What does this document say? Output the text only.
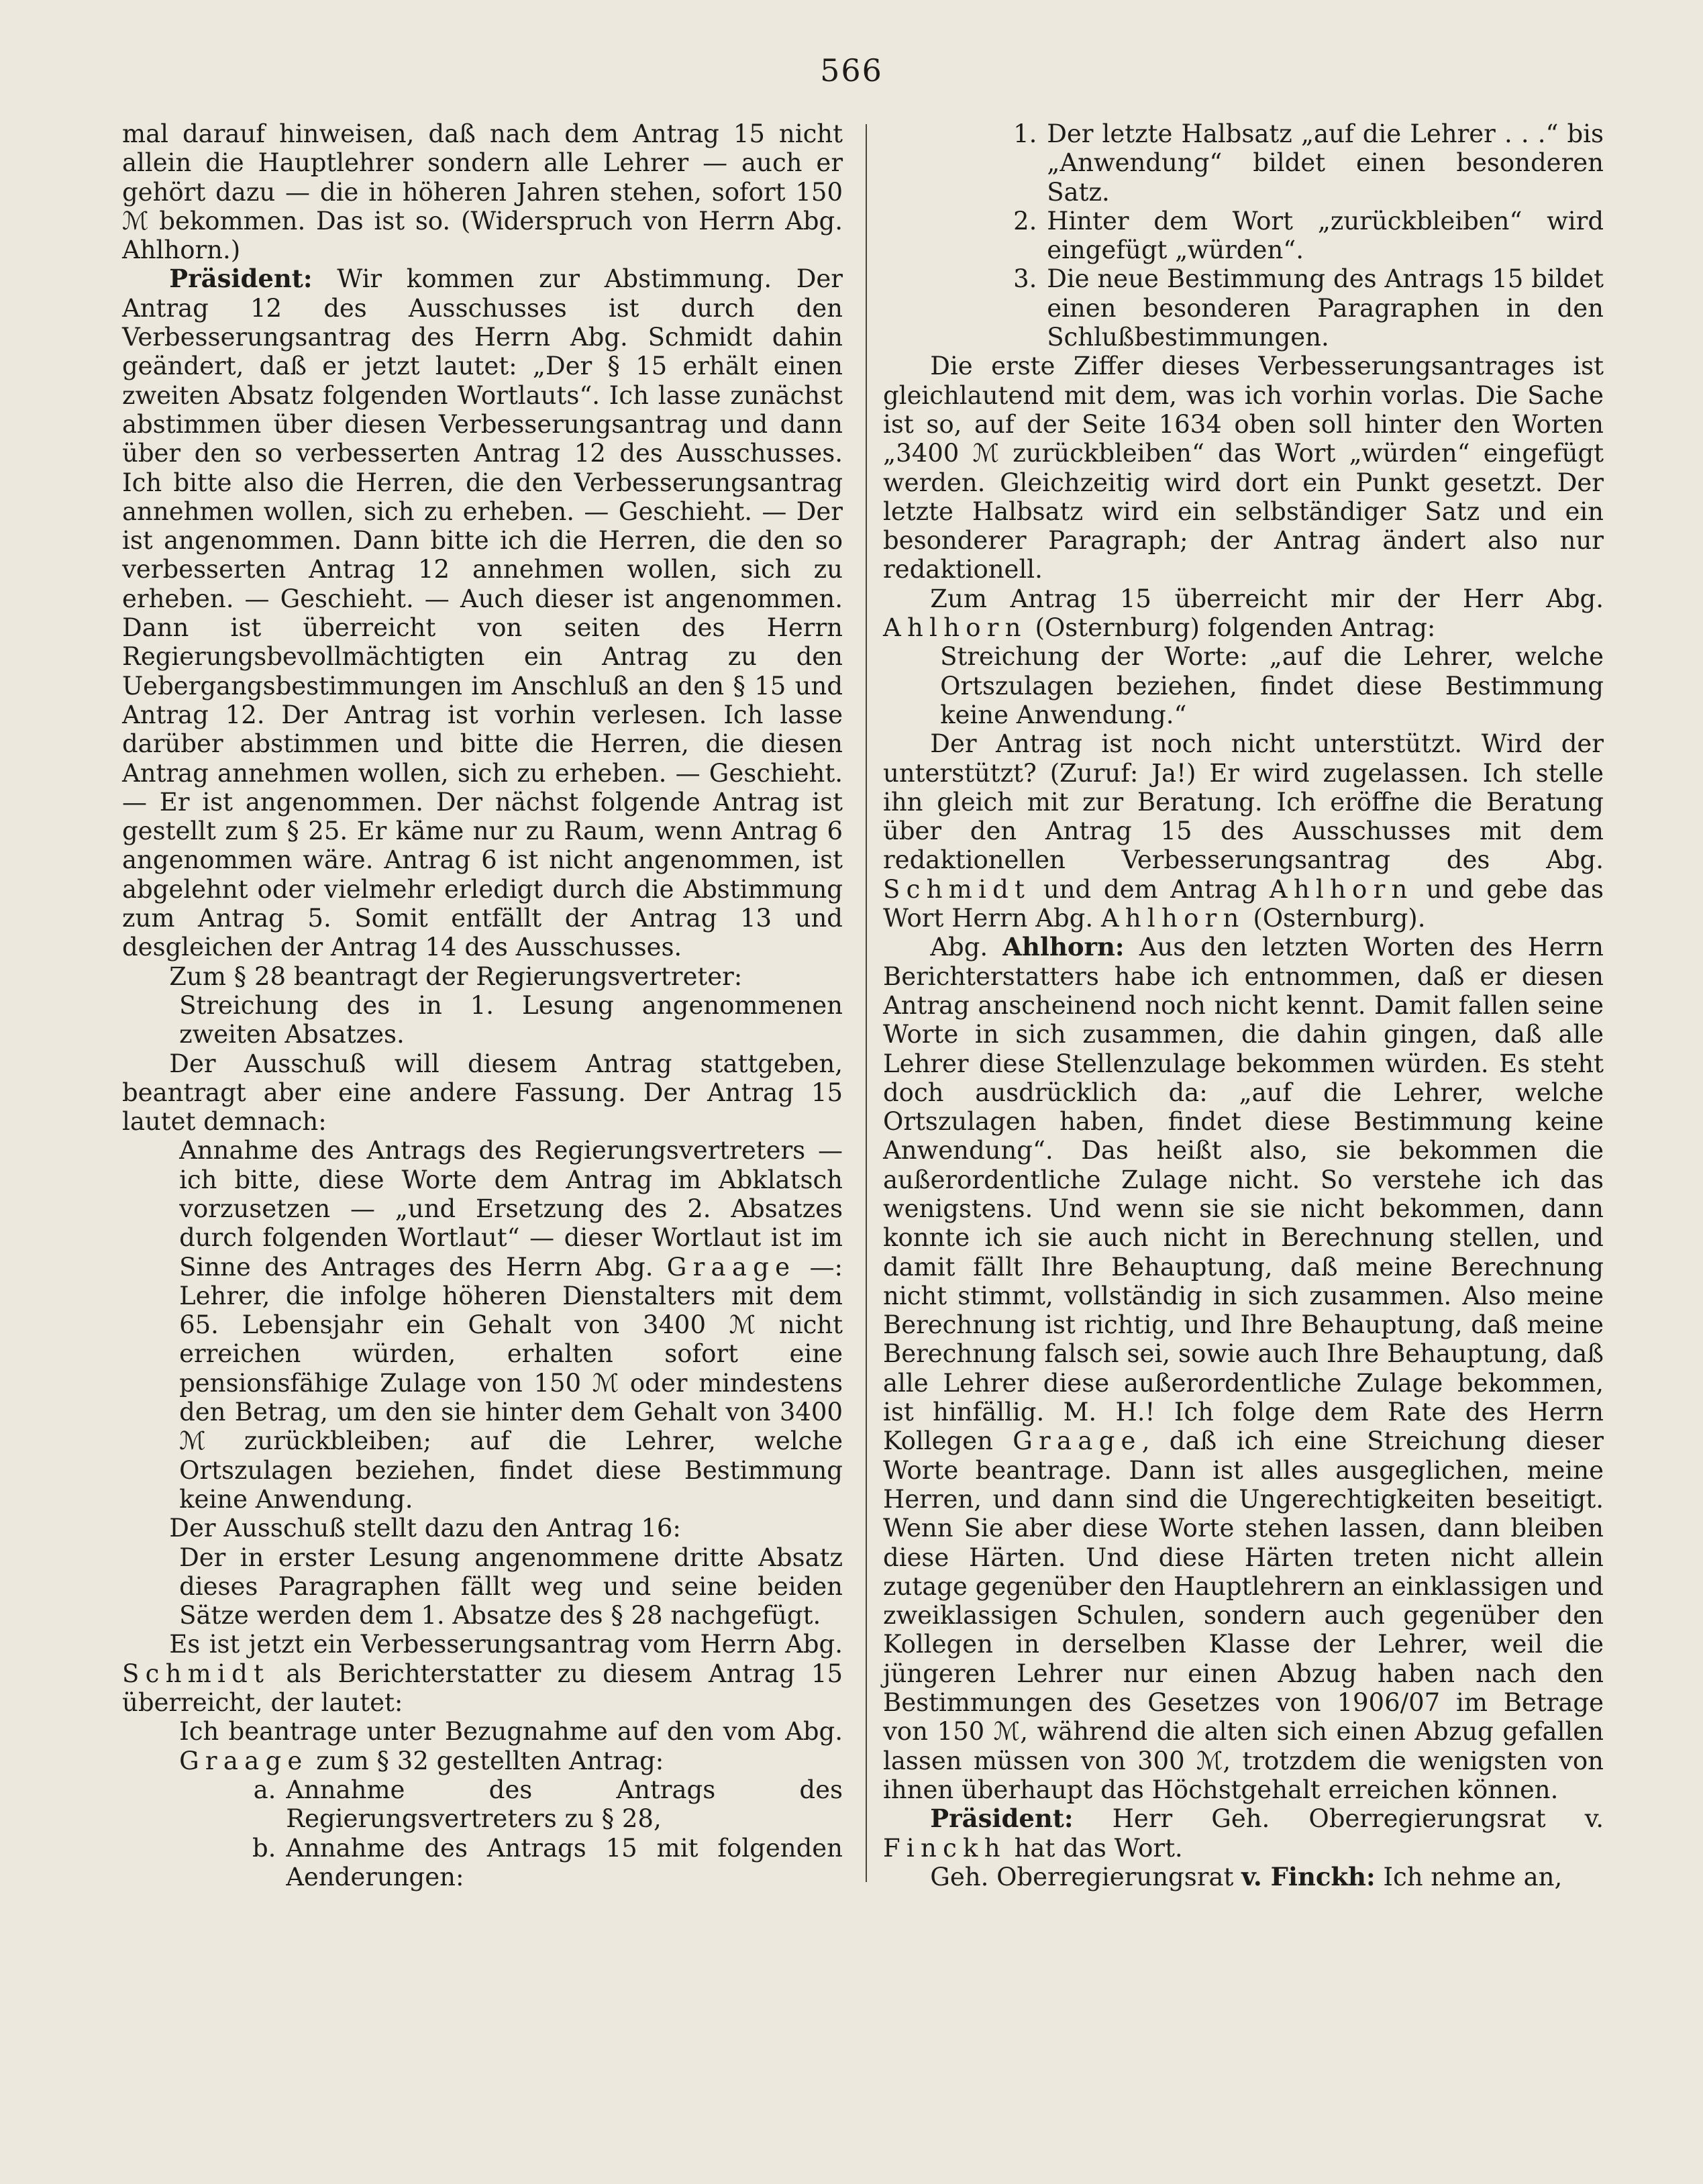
566

mal darauf hinweisen, daß nach dem Antrag 15 nicht allein die Hauptlehrer sondern alle Lehrer — auch er gehört dazu — die in höheren Jahren stehen, sofort 150 ℳ bekommen. Das ist so. (Widerspruch von Herrn Abg. Ahlhorn.)

Präsident: Wir kommen zur Abstimmung. Der Antrag 12 des Ausschusses ist durch den Verbesserungsantrag des Herrn Abg. Schmidt dahin geändert, daß er jetzt lautet: „Der § 15 erhält einen zweiten Absatz folgenden Wortlauts“. Ich lasse zunächst abstimmen über diesen Verbesserungsantrag und dann über den so verbesserten Antrag 12 des Ausschusses. Ich bitte also die Herren, die den Verbesserungsantrag annehmen wollen, sich zu erheben. — Geschieht. — Der ist angenommen. Dann bitte ich die Herren, die den so verbesserten Antrag 12 annehmen wollen, sich zu erheben. — Geschieht. — Auch dieser ist angenommen. Dann ist überreicht von seiten des Herrn Regierungsbevollmächtigten ein Antrag zu den Uebergangsbestimmungen im Anschluß an den § 15 und Antrag 12. Der Antrag ist vorhin verlesen. Ich lasse darüber abstimmen und bitte die Herren, die diesen Antrag annehmen wollen, sich zu erheben. — Geschieht. — Er ist angenommen. Der nächst folgende Antrag ist gestellt zum § 25. Er käme nur zu Raum, wenn Antrag 6 angenommen wäre. Antrag 6 ist nicht angenommen, ist abgelehnt oder vielmehr erledigt durch die Abstimmung zum Antrag 5. Somit entfällt der Antrag 13 und desgleichen der Antrag 14 des Ausschusses.

Zum § 28 beantragt der Regierungsvertreter:

Streichung des in 1. Lesung angenommenen zweiten Absatzes.

Der Ausschuß will diesem Antrag stattgeben, beantragt aber eine andere Fassung. Der Antrag 15 lautet demnach:

Annahme des Antrags des Regierungsvertreters — ich bitte, diese Worte dem Antrag im Abklatsch vorzusetzen — „und Ersetzung des 2. Absatzes durch folgenden Wortlaut“ — dieser Wortlaut ist im Sinne des Antrages des Herrn Abg. Graage —: Lehrer, die infolge höheren Dienstalters mit dem 65. Lebensjahr ein Gehalt von 3400 ℳ nicht erreichen würden, erhalten sofort eine pensionsfähige Zulage von 150 ℳ oder mindestens den Betrag, um den sie hinter dem Gehalt von 3400 ℳ zurückbleiben; auf die Lehrer, welche Ortszulagen beziehen, findet diese Bestimmung keine Anwendung.

Der Ausschuß stellt dazu den Antrag 16:

Der in erster Lesung angenommene dritte Absatz dieses Paragraphen fällt weg und seine beiden Sätze werden dem 1. Absatze des § 28 nachgefügt.

Es ist jetzt ein Verbesserungsantrag vom Herrn Abg. Schmidt als Berichterstatter zu diesem Antrag 15 überreicht, der lautet:

Ich beantrage unter Bezugnahme auf den vom Abg. Graage zum § 32 gestellten Antrag:

a. Annahme des Antrags des Regierungsvertreters zu § 28,
b. Annahme des Antrags 15 mit folgenden Aenderungen:
1. Der letzte Halbsatz „auf die Lehrer . . .“ bis „Anwendung“ bildet einen besonderen Satz.
2. Hinter dem Wort „zurückbleiben“ wird eingefügt „würden“.
3. Die neue Bestimmung des Antrags 15 bildet einen besonderen Paragraphen in den Schlußbestimmungen.

Die erste Ziffer dieses Verbesserungsantrages ist gleichlautend mit dem, was ich vorhin vorlas. Die Sache ist so, auf der Seite 1634 oben soll hinter den Worten „3400 ℳ zurückbleiben“ das Wort „würden“ eingefügt werden. Gleichzeitig wird dort ein Punkt gesetzt. Der letzte Halbsatz wird ein selbständiger Satz und ein besonderer Paragraph; der Antrag ändert also nur redaktionell.

Zum Antrag 15 überreicht mir der Herr Abg. Ahlhorn (Osternburg) folgenden Antrag:

Streichung der Worte: „auf die Lehrer, welche Ortszulagen beziehen, findet diese Bestimmung keine Anwendung.“

Der Antrag ist noch nicht unterstützt. Wird der unterstützt? (Zuruf: Ja!) Er wird zugelassen. Ich stelle ihn gleich mit zur Beratung. Ich eröffne die Beratung über den Antrag 15 des Ausschusses mit dem redaktionellen Verbesserungsantrag des Abg. Schmidt und dem Antrag Ahlhorn und gebe das Wort Herrn Abg. Ahlhorn (Osternburg).

Abg. Ahlhorn: Aus den letzten Worten des Herrn Berichterstatters habe ich entnommen, daß er diesen Antrag anscheinend noch nicht kennt. Damit fallen seine Worte in sich zusammen, die dahin gingen, daß alle Lehrer diese Stellenzulage bekommen würden. Es steht doch ausdrücklich da: „auf die Lehrer, welche Ortszulagen haben, findet diese Bestimmung keine Anwendung“. Das heißt also, sie bekommen die außerordentliche Zulage nicht. So verstehe ich das wenigstens. Und wenn sie sie nicht bekommen, dann konnte ich sie auch nicht in Berechnung stellen, und damit fällt Ihre Behauptung, daß meine Berechnung nicht stimmt, vollständig in sich zusammen. Also meine Berechnung ist richtig, und Ihre Behauptung, daß meine Berechnung falsch sei, sowie auch Ihre Behauptung, daß alle Lehrer diese außerordentliche Zulage bekommen, ist hinfällig. M. H.! Ich folge dem Rate des Herrn Kollegen Graage, daß ich eine Streichung dieser Worte beantrage. Dann ist alles ausgeglichen, meine Herren, und dann sind die Ungerechtigkeiten beseitigt. Wenn Sie aber diese Worte stehen lassen, dann bleiben diese Härten. Und diese Härten treten nicht allein zutage gegenüber den Hauptlehrern an einklassigen und zweiklassigen Schulen, sondern auch gegenüber den Kollegen in derselben Klasse der Lehrer, weil die jüngeren Lehrer nur einen Abzug haben nach den Bestimmungen des Gesetzes von 1906/07 im Betrage von 150 ℳ, während die alten sich einen Abzug gefallen lassen müssen von 300 ℳ, trotzdem die wenigsten von ihnen überhaupt das Höchstgehalt erreichen können.

Präsident: Herr Geh. Oberregierungsrat v. Finckh hat das Wort.

Geh. Oberregierungsrat v. Finckh: Ich nehme an,
